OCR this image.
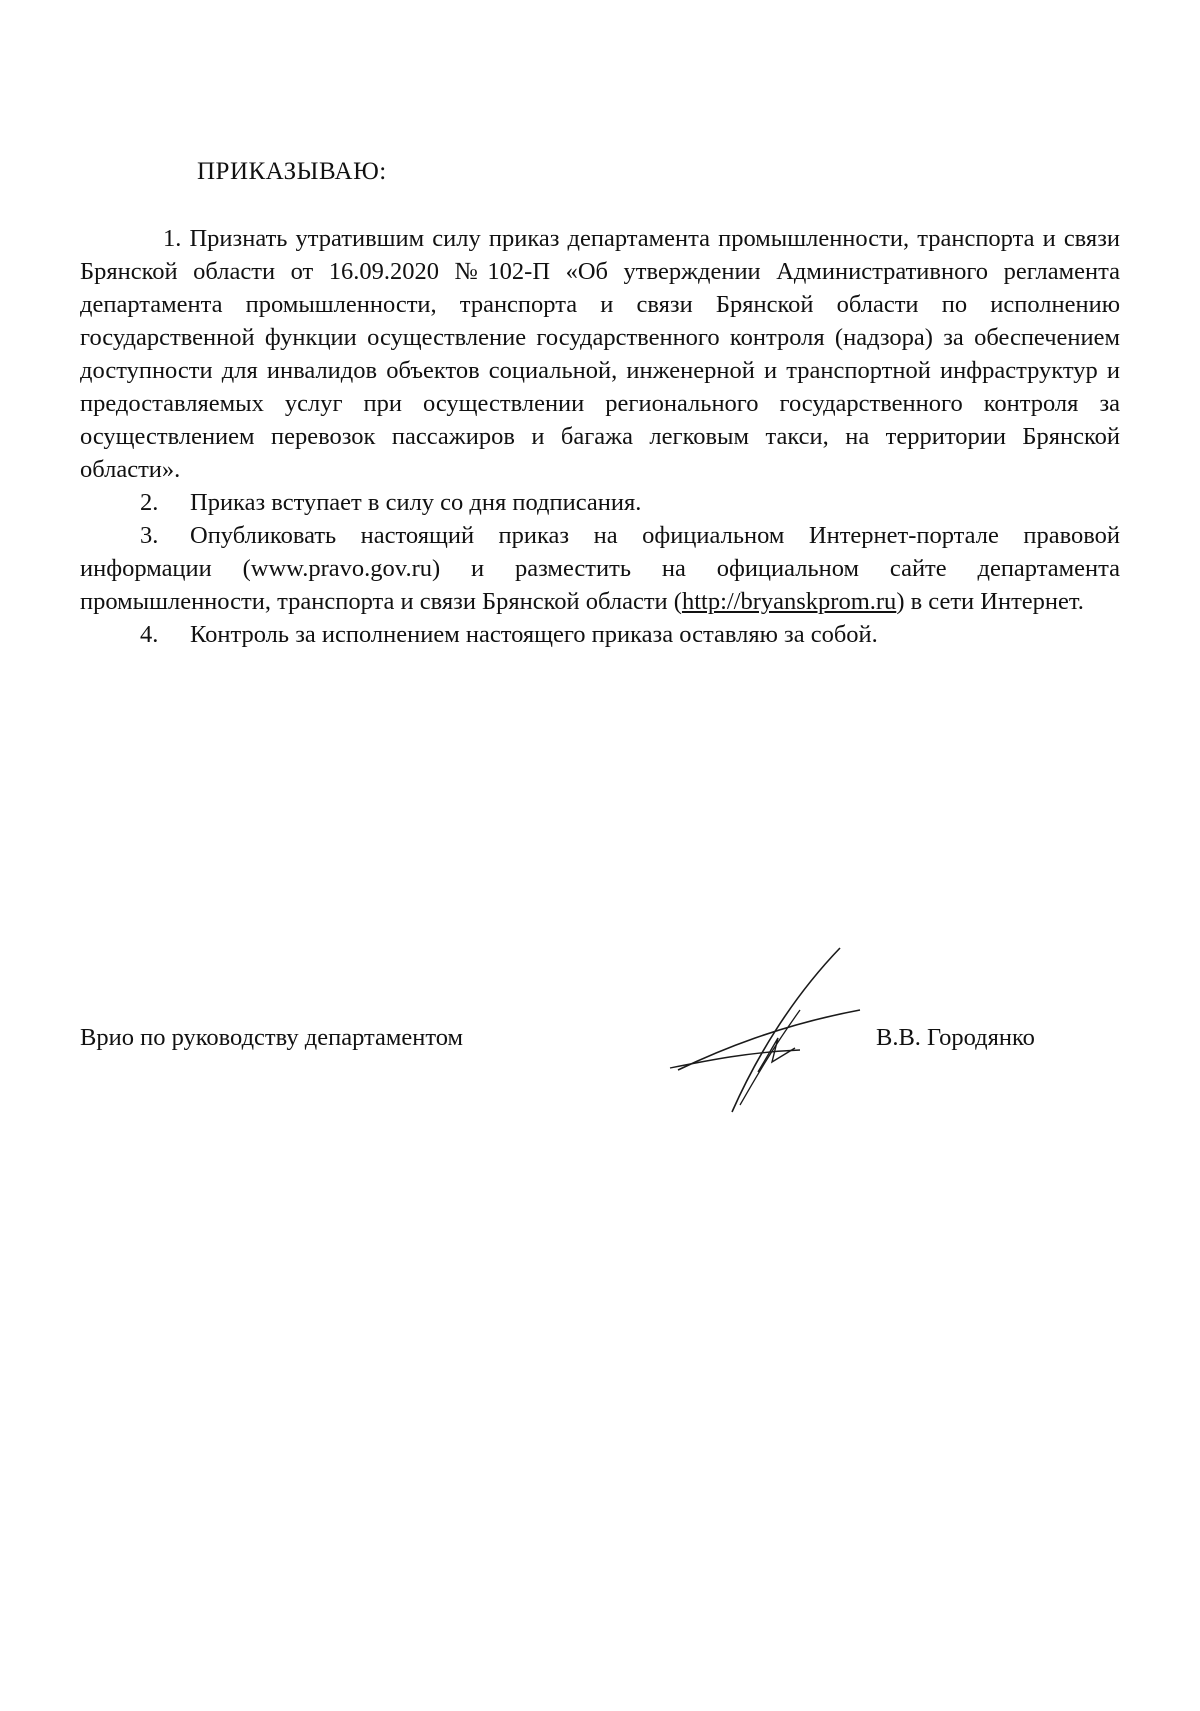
ПРИКАЗЫВАЮ:

1. Признать утратившим силу приказ департамента промышленности, транспорта и связи Брянской области от 16.09.2020 №102-П «Об утверждении Административного регламента департамента промышленности, транспорта и связи Брянской области по исполнению государственной функции осуществление государственного контроля (надзора) за обеспечением доступности для инвалидов объектов социальной, инженерной и транспортной инфраструктур и предоставляемых услуг при осуществлении регионального государственного контроля за осуществлением перевозок пассажиров и багажа легковым такси, на территории Брянской области».

2. Приказ вступает в силу со дня подписания.

3. Опубликовать настоящий приказ на официальном Интернет-портале правовой информации (www.pravo.gov.ru) и разместить на официальном сайте департамента промышленности, транспорта и связи Брянской области (http://bryanskprom.ru) в сети Интернет.

4. Контроль за исполнением настоящего приказа оставляю за собой.

Врио по руководству департаментом	В.В. Городянко
